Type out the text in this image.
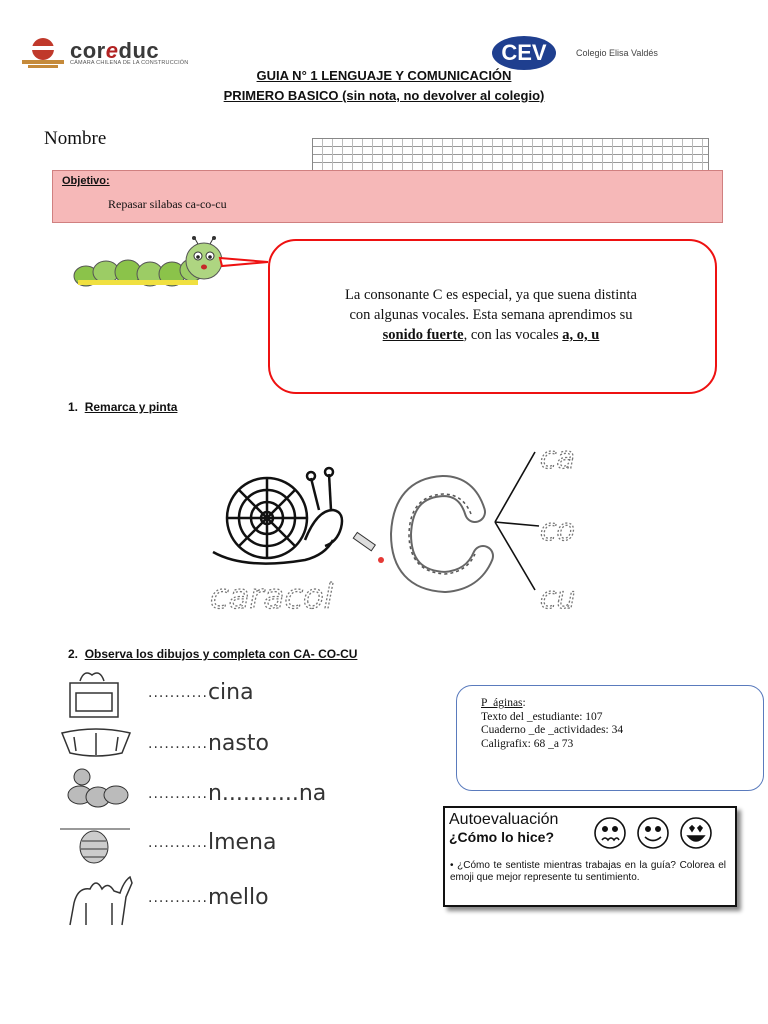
coreduc
CÁMARA CHILENA DE LA CONSTRUCCIÓN	CEV	Colegio Elisa Valdés
GUIA N° 1 LENGUAJE Y COMUNICACIÓN
PRIMERO BASICO (sin nota, no devolver al colegio)
Nombre
Objetivo:
Repasar silabas ca-co-cu
La consonante C es especial, ya que suena distinta
con algunas vocales. Esta semana aprendimos su
sonido fuerte, con las vocales a, o, u
1. Remarca y pinta
caracol
ca
co
cu
2. Observa los dibujos y completa con CA- CO-CU
...........cina
...........nasto
...........n...........na
...........lmena
...........mello
P_áginas:
Texto del _estudiante: 107
Cuaderno _de _actividades: 34
Caligrafix: 68 _a 73
Autoevaluación
¿Cómo lo hice?
• ¿Cómo te sentiste mientras trabajas en la guía? Colorea el emoji que mejor represente tu sentimiento.
